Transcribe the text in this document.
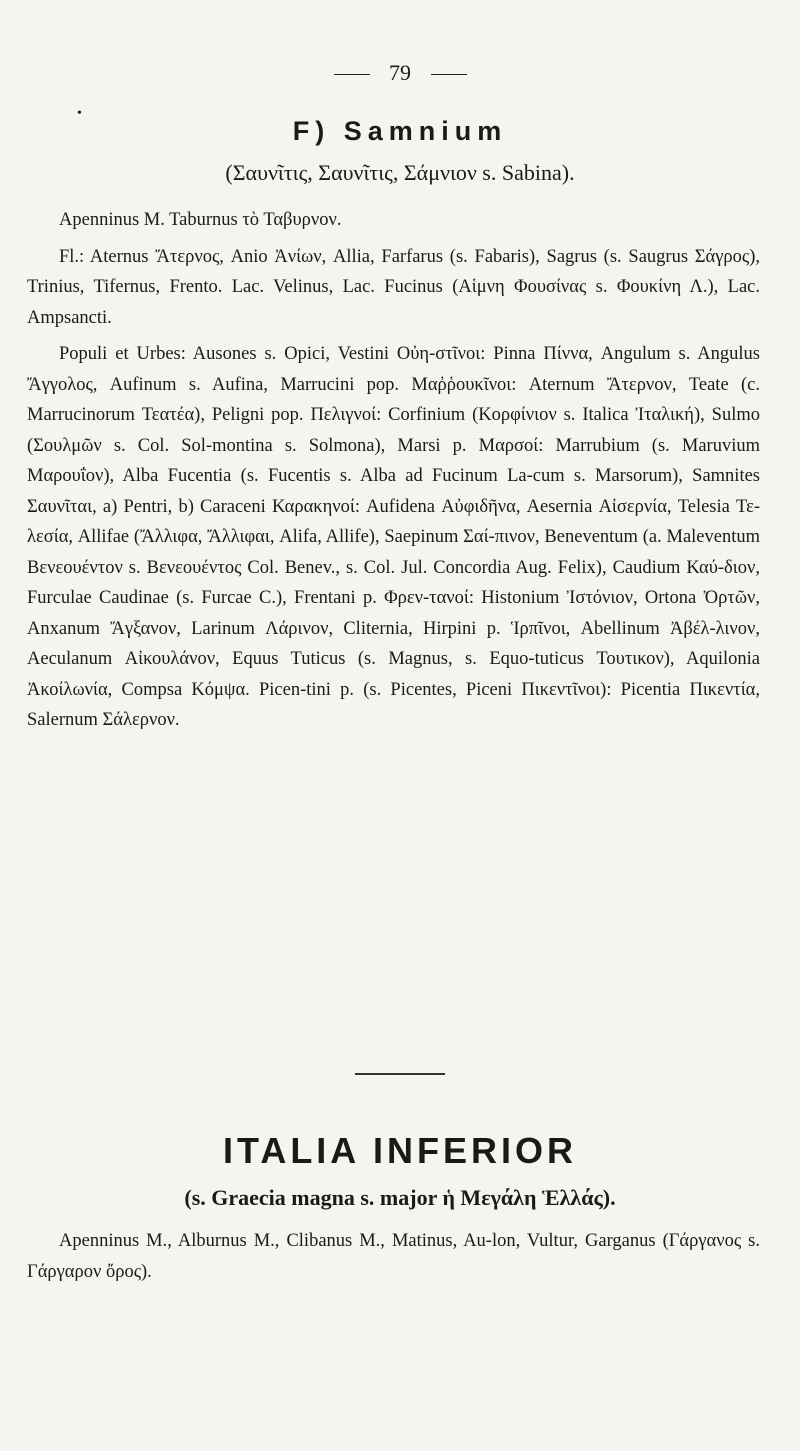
79
•
F) Samnium
(Σαυνῖτις, Σαυνῖτις, Σάμνιον s. Sabina).

Apenninus M. Taburnus τὸ Ταβυρνον.

Fl.: Aternus Ἄτερνος, Anio Ἀνίων, Allia, Farfarus (s. Fabaris), Sagrus (s. Saugrus Σάγρος), Trinius, Tifernus, Frento. Lac. Velinus, Lac. Fucinus (Αἱμνη Φουσίνας s. Φουκίνη Λ.), Lac. Ampsancti.

Populi et Urbes: Ausones s. Opici, Vestini Οὐη-στῖνοι: Pinna Πίννα, Angulum s. Angulus Ἄγγολος, Aufinum s. Aufina, Marrucini pop. Μαῤῥουκῖνοι: Aternum Ἄτερνον, Teate (c. Marrucinorum Τεατέα), Peligni pop. Πελιγνοί: Corfinium (Κορφίνιον s. Italica Ἰταλική), Sulmo (Σουλμῶν s. Col. Sol-montina s. Solmona), Marsi p. Μαρσοί: Marrubium (s. Maruvium Μαρουΐον), Alba Fucentia (s. Fucentis s. Alba ad Fucinum La-cum s. Marsorum), Samnites Σαυνῖται, a) Pentri, b) Caraceni Καρακηνοί: Aufidena Αὐφιδῆνα, Aesernia Αἰσερνία, Telesia Τε-λεσία, Allifae (Ἄλλιφα, Ἄλλιφαι, Alifa, Allife), Saepinum Σαί-πινον, Beneventum (a. Maleventum Βενεουέντον s. Βενεουέντος Col. Benev., s. Col. Jul. Concordia Aug. Felix), Caudium Καύ-διον, Furculae Caudinae (s. Furcae C.), Frentani p. Φρεν-τανοί: Histonium Ἰστόνιον, Ortona Ὀρτῶν, Anxanum Ἄγξανον, Larinum Λάρινον, Cliternia, Hirpini p. Ἱρπῖνοι, Abellinum Ἀβέλ-λινον, Aeculanum Αἰκουλάνον, Equus Tuticus (s. Magnus, s. Equo-tuticus Τουτικον), Aquilonia Ἀκοίλωνία, Compsa Κόμψα. Picen-tini p. (s. Picentes, Piceni Πικεντῖνοι): Picentia Πικεντία, Salernum Σάλερνον.

ITALIA INFERIOR
(s. Graecia magna s. major ἡ Μεγάλη Ἑλλάς).

Apenninus M., Alburnus M., Clibanus M., Matinus, Au-lon, Vultur, Garganus (Γάργανος s. Γάργαρον ὄρος).
